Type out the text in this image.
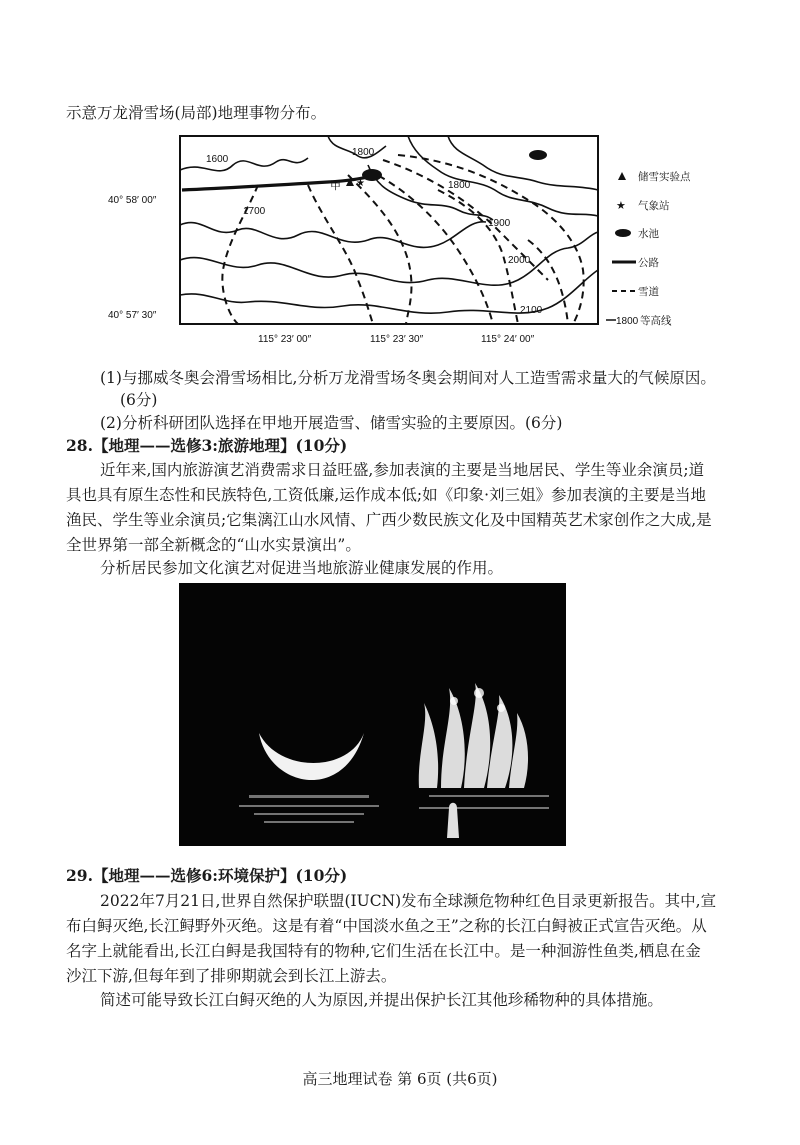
示意万龙滑雪场(局部)地理事物分布。
★
1600
1800
1800
1700
1900
2000
2100
甲
40° 58′ 00″
40° 57′ 30″
115° 23′ 00″	115° 23′ 30″	115° 24′ 00″
储雪实验点
★ 气象站
水池
公路
雪道
1800 等高线
(1)与挪威冬奥会滑雪场相比,分析万龙滑雪场冬奥会期间对人工造雪需求量大的气候原因。
(6分)
(2)分析科研团队选择在甲地开展造雪、储雪实验的主要原因。(6分)
28.【地理——选修3:旅游地理】(10分)
近年来,国内旅游演艺消费需求日益旺盛,参加表演的主要是当地居民、学生等业余演员;道
具也具有原生态性和民族特色,工资低廉,运作成本低;如《印象·刘三姐》参加表演的主要是当地
渔民、学生等业余演员;它集漓江山水风情、广西少数民族文化及中国精英艺术家创作之大成,是
全世界第一部全新概念的“山水实景演出”。
分析居民参加文化演艺对促进当地旅游业健康发展的作用。
29.【地理——选修6:环境保护】(10分)
2022年7月21日,世界自然保护联盟(IUCN)发布全球濒危物种红色目录更新报告。其中,宣
布白鲟灭绝,长江鲟野外灭绝。这是有着“中国淡水鱼之王”之称的长江白鲟被正式宣告灭绝。从
名字上就能看出,长江白鲟是我国特有的物种,它们生活在长江中。是一种洄游性鱼类,栖息在金
沙江下游,但每年到了排卵期就会到长江上游去。
简述可能导致长江白鲟灭绝的人为原因,并提出保护长江其他珍稀物种的具体措施。
高三地理试卷 第 6页 (共6页)
